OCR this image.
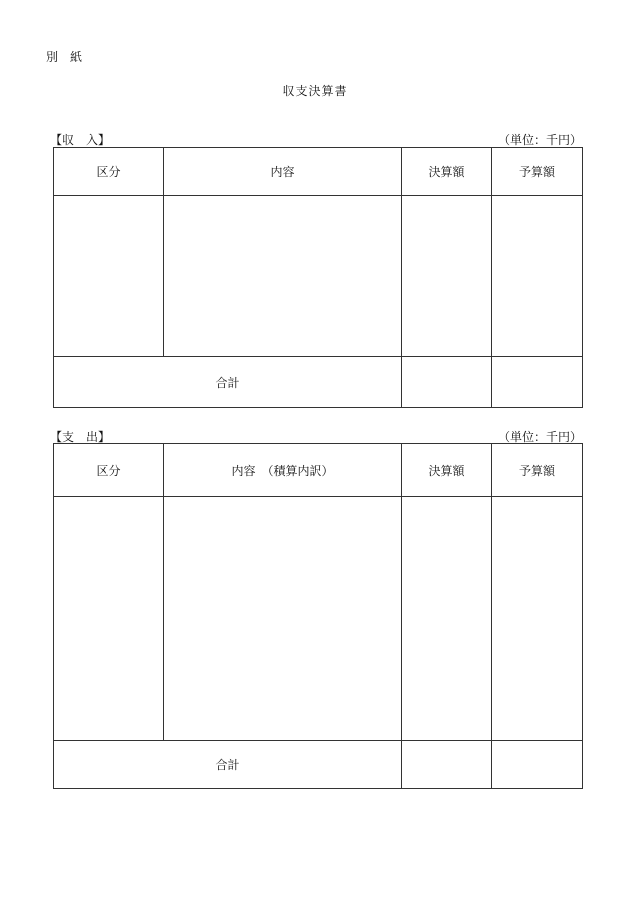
別紙
収支決算書
【収　入】	（単位：千円）
区分	内容	決算額	予算額

合計			
【支　出】	（単位：千円）
区分	内容　（積算内訳）	決算額	予算額

合計			
